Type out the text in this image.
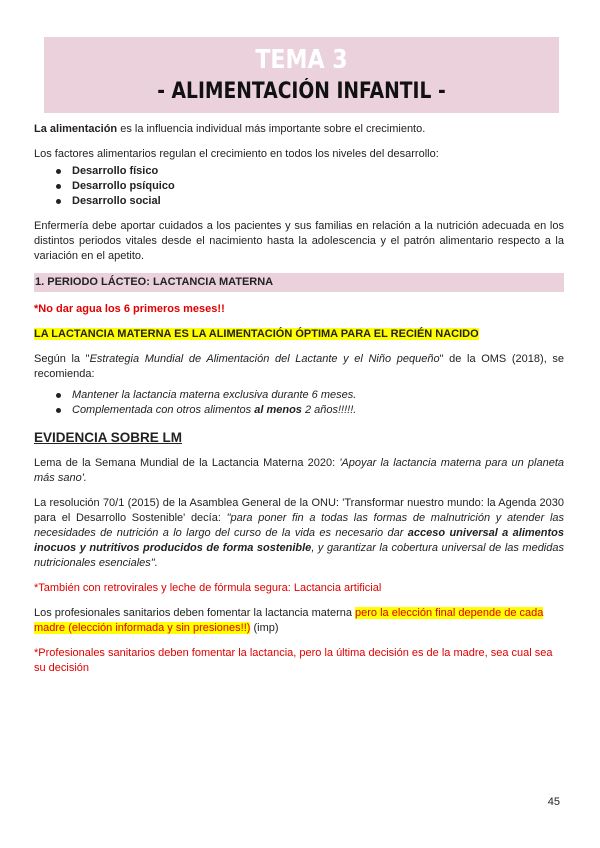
TEMA 3
- ALIMENTACIÓN INFANTIL -

La alimentación es la influencia individual más importante sobre el crecimiento.

Los factores alimentarios regulan el crecimiento en todos los niveles del desarrollo:

Desarrollo físico
Desarrollo psíquico
Desarrollo social

Enfermería debe aportar cuidados a los pacientes y sus familias en relación a la nutrición adecuada en los distintos periodos vitales desde el nacimiento hasta la adolescencia y el patrón alimentario respecto a la variación en el apetito.

1. PERIODO LÁCTEO: LACTANCIA MATERNA

*No dar agua los 6 primeros meses!!

LA LACTANCIA MATERNA ES LA ALIMENTACIÓN ÓPTIMA PARA EL RECIÉN NACIDO

Según la "Estrategia Mundial de Alimentación del Lactante y el Niño pequeño" de la OMS (2018), se recomienda:

Mantener la lactancia materna exclusiva durante 6 meses.
Complementada con otros alimentos al menos 2 años!!!!!.

EVIDENCIA SOBRE LM

Lema de la Semana Mundial de la Lactancia Materna 2020: 'Apoyar la lactancia materna para un planeta más sano'.

La resolución 70/1 (2015) de la Asamblea General de la ONU: 'Transformar nuestro mundo: la Agenda 2030 para el Desarrollo Sostenible' decía: "para poner fin a todas las formas de malnutrición y atender las necesidades de nutrición a lo largo del curso de la vida es necesario dar acceso universal a alimentos inocuos y nutritivos producidos de forma sostenible, y garantizar la cobertura universal de las medidas nutricionales esenciales".

*También con retrovirales y leche de fórmula segura: Lactancia artificial

Los profesionales sanitarios deben fomentar la lactancia materna pero la elección final depende de cada madre (elección informada y sin presiones!!) (imp)

*Profesionales sanitarios deben fomentar la lactancia, pero la última decisión es de la madre, sea cual sea su decisión

45
